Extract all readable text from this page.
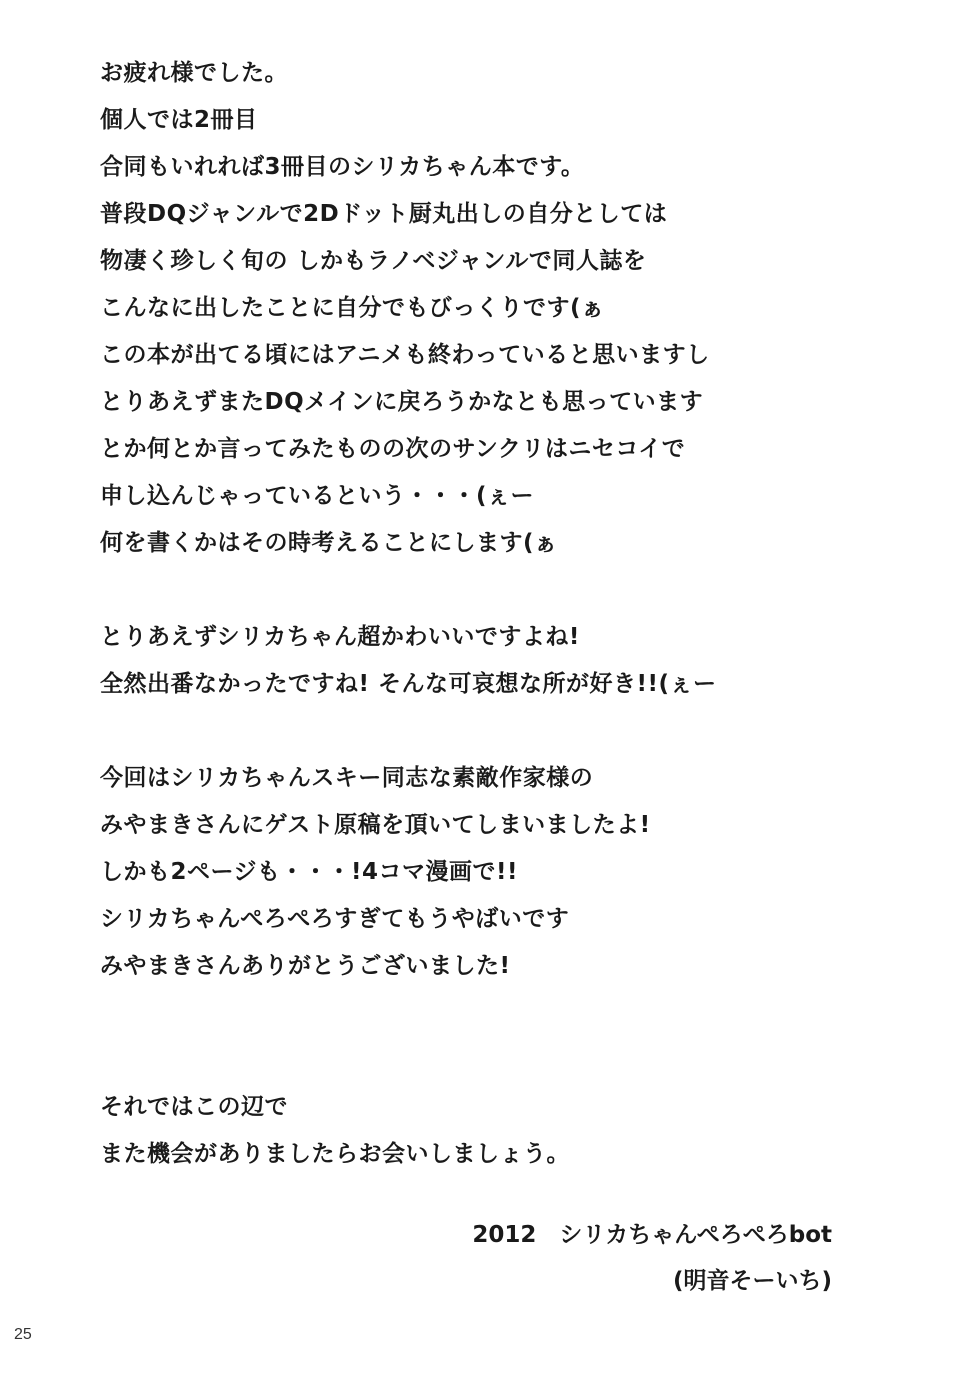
お疲れ様でした。
個人では2冊目
合同もいれれば3冊目のシリカちゃん本です。
普段DQジャンルで2Dドット厨丸出しの自分としては
物凄く珍しく旬の しかもラノベジャンルで同人誌を
こんなに出したことに自分でもびっくりです(ぁ
この本が出てる頃にはアニメも終わっていると思いますし
とりあえずまたDQメインに戻ろうかなとも思っています
とか何とか言ってみたものの次のサンクリはニセコイで
申し込んじゃっているという・・・(ぇー
何を書くかはその時考えることにします(ぁ
とりあえずシリカちゃん超かわいいですよね!
全然出番なかったですね! そんな可哀想な所が好き!!(ぇー
今回はシリカちゃんスキー同志な素敵作家様の
みやまきさんにゲスト原稿を頂いてしまいましたよ!
しかも2ページも・・・!4コマ漫画で!!
シリカちゃんぺろぺろすぎてもうやばいです
みやまきさんありがとうございました!
それではこの辺で
また機会がありましたらお会いしましょう。
2012　シリカちゃんぺろぺろbot
(明音そーいち)
25
